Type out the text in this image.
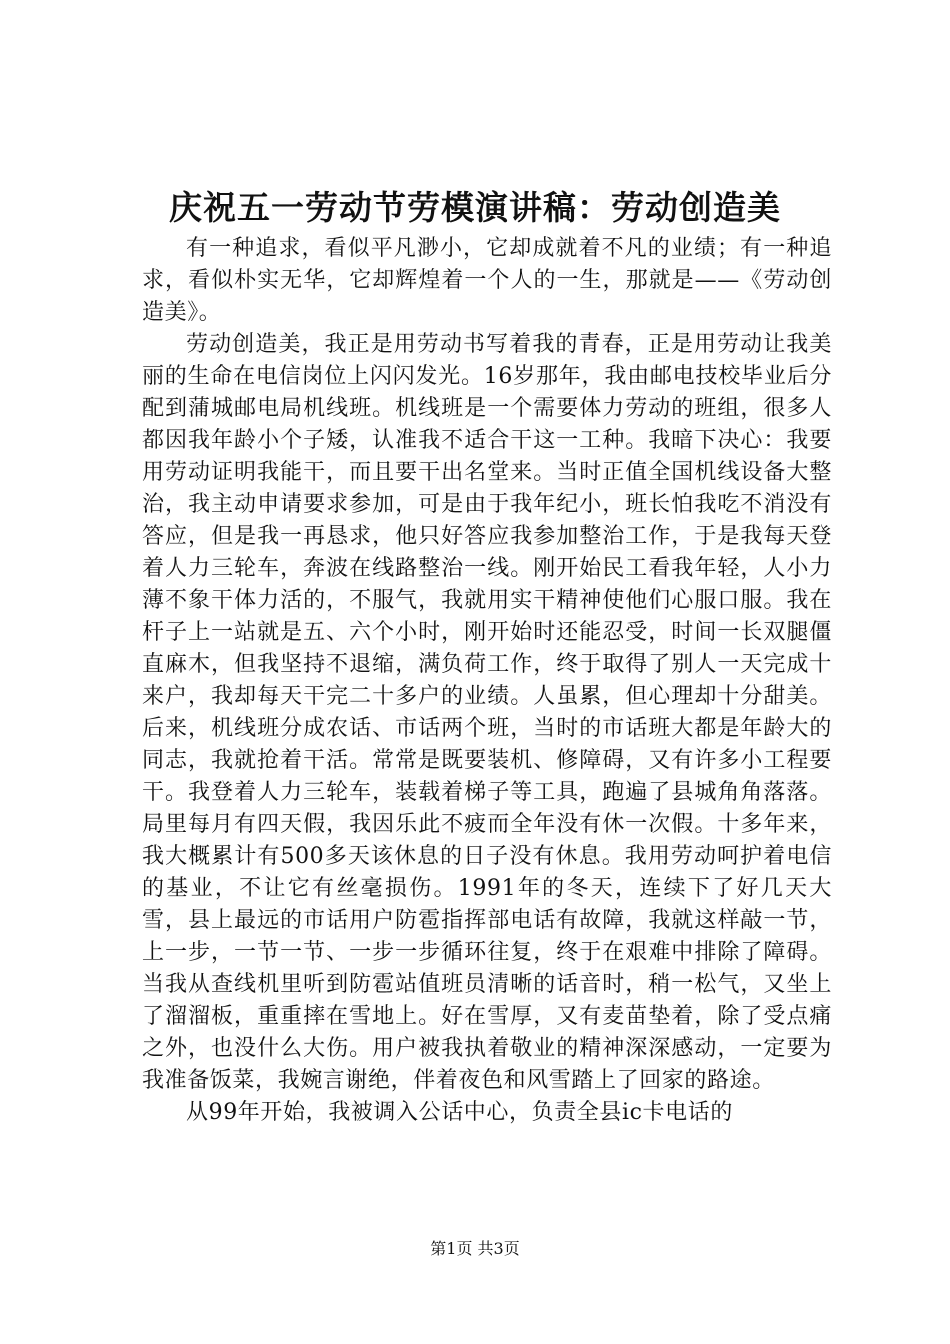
庆祝五一劳动节劳模演讲稿：劳动创造美

有一种追求，看似平凡渺小，它却成就着不凡的业绩；有一种追求，看似朴实无华，它却辉煌着一个人的一生，那就是——《劳动创造美》。

劳动创造美，我正是用劳动书写着我的青春，正是用劳动让我美丽的生命在电信岗位上闪闪发光。16岁那年，我由邮电技校毕业后分配到蒲城邮电局机线班。机线班是一个需要体力劳动的班组，很多人都因我年龄小个子矮，认准我不适合干这一工种。我暗下决心：我要用劳动证明我能干，而且要干出名堂来。当时正值全国机线设备大整治，我主动申请要求参加，可是由于我年纪小，班长怕我吃不消没有答应，但是我一再恳求，他只好答应我参加整治工作，于是我每天登着人力三轮车，奔波在线路整治一线。刚开始民工看我年轻，人小力薄不象干体力活的，不服气，我就用实干精神使他们心服口服。我在杆子上一站就是五、六个小时，刚开始时还能忍受，时间一长双腿僵直麻木，但我坚持不退缩，满负荷工作，终于取得了别人一天完成十来户，我却每天干完二十多户的业绩。人虽累，但心理却十分甜美。后来，机线班分成农话、市话两个班，当时的市话班大都是年龄大的同志，我就抢着干活。常常是既要装机、修障碍，又有许多小工程要干。我登着人力三轮车，装载着梯子等工具，跑遍了县城角角落落。局里每月有四天假，我因乐此不疲而全年没有休一次假。十多年来，我大概累计有500多天该休息的日子没有休息。我用劳动呵护着电信的基业，不让它有丝毫损伤。1991年的冬天，连续下了好几天大雪，县上最远的市话用户防雹指挥部电话有故障，我就这样敲一节，上一步，一节一节、一步一步循环往复，终于在艰难中排除了障碍。当我从查线机里听到防雹站值班员清晰的话音时，稍一松气，又坐上了溜溜板，重重摔在雪地上。好在雪厚，又有麦苗垫着，除了受点痛之外，也没什么大伤。用户被我执着敬业的精神深深感动，一定要为我准备饭菜，我婉言谢绝，伴着夜色和风雪踏上了回家的路途。

从99年开始，我被调入公话中心，负责全县ic卡电话的

第1页 共3页
